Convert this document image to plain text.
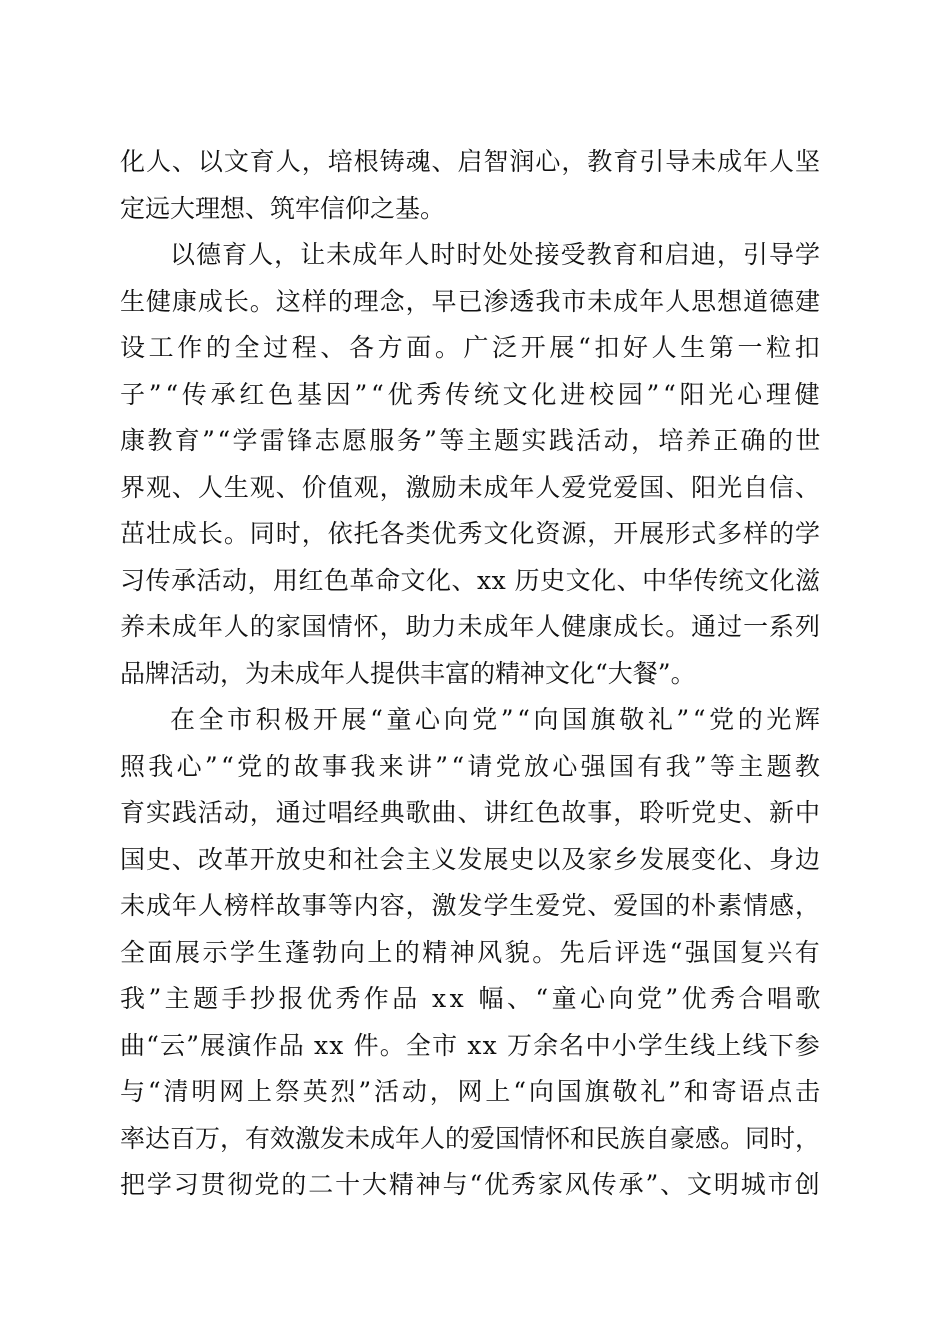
化人、以文育人，培根铸魂、启智润心，教育引导未成年人坚
定远大理想、筑牢信仰之基。
以德育人，让未成年人时时处处接受教育和启迪，引导学
生健康成长。这样的理念，早已渗透我市未成年人思想道德建
设工作的全过程、各方面。广泛开展“扣好人生第一粒扣
子”“传承红色基因”“优秀传统文化进校园”“阳光心理健
康教育”“学雷锋志愿服务”等主题实践活动，培养正确的世
界观、人生观、价值观，激励未成年人爱党爱国、阳光自信、
茁壮成长。同时，依托各类优秀文化资源，开展形式多样的学
习传承活动，用红色革命文化、xx 历史文化、中华传统文化滋
养未成年人的家国情怀，助力未成年人健康成长。通过一系列
品牌活动，为未成年人提供丰富的精神文化“大餐”。
在全市积极开展“童心向党”“向国旗敬礼”“党的光辉
照我心”“党的故事我来讲”“请党放心强国有我”等主题教
育实践活动，通过唱经典歌曲、讲红色故事，聆听党史、新中
国史、改革开放史和社会主义发展史以及家乡发展变化、身边
未成年人榜样故事等内容，激发学生爱党、爱国的朴素情感，
全面展示学生蓬勃向上的精神风貌。先后评选“强国复兴有
我”主题手抄报优秀作品 xx 幅、“童心向党”优秀合唱歌
曲“云”展演作品 xx 件。全市 xx 万余名中小学生线上线下参
与“清明网上祭英烈”活动，网上“向国旗敬礼”和寄语点击
率达百万，有效激发未成年人的爱国情怀和民族自豪感。同时，
把学习贯彻党的二十大精神与“优秀家风传承”、文明城市创
